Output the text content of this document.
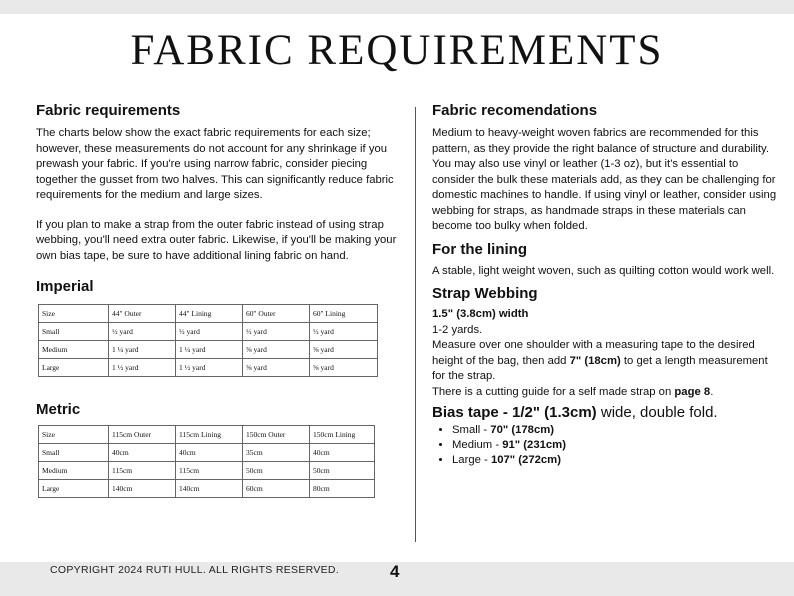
FABRIC REQUIREMENTS
Fabric requirements

The charts below show the exact fabric requirements for each size; however, these measurements do not account for any shrinkage if you prewash your fabric. If you're using narrow fabric, consider piecing together the gusset from two halves. This can significantly reduce fabric requirements for the medium and large sizes.

If you plan to make a strap from the outer fabric instead of using strap webbing, you'll need extra outer fabric. Likewise, if you'll be making your own bias tape, be sure to have additional lining fabric on hand.

Imperial
Size	44" Outer	44" Lining	60" Outer	60" Lining
Small	½ yard	½ yard	½ yard	½ yard
Medium	1 ¼ yard	1 ¼ yard	⅝ yard	⅝ yard
Large	1 ½ yard	1 ½ yard	⅝ yard	⅝ yard
Metric
Size	115cm Outer	115cm Lining	150cm Outer	150cm Lining
Small	40cm	40cm	35cm	40cm
Medium	115cm	115cm	50cm	50cm
Large	140cm	140cm	60cm	80cm
Fabric recomendations

Medium to heavy-weight woven fabrics are recommended for this pattern, as they provide the right balance of structure and durability. You may also use vinyl or leather (1-3 oz), but it's essential to consider the bulk these materials add, as they can be challenging for domestic machines to handle. If using vinyl or leather, consider using webbing for straps, as handmade straps in these materials can become too bulky when folded.

For the lining

A stable, light weight woven, such as quilting cotton would work well.

Strap Webbing

1.5" (3.8cm) width

1-2 yards.

Measure over one shoulder with a measuring tape to the desired height of the bag, then add 7" (18cm) to get a length measurement for the strap.

There is a cutting guide for a self made strap on page 8.

Bias tape - 1/2" (1.3cm) wide, double fold.
• Small - 70" (178cm)
• Medium - 91" (231cm)
• Large - 107" (272cm)
COPYRIGHT 2024 RUTI HULL. ALL RIGHTS RESERVED.	4
